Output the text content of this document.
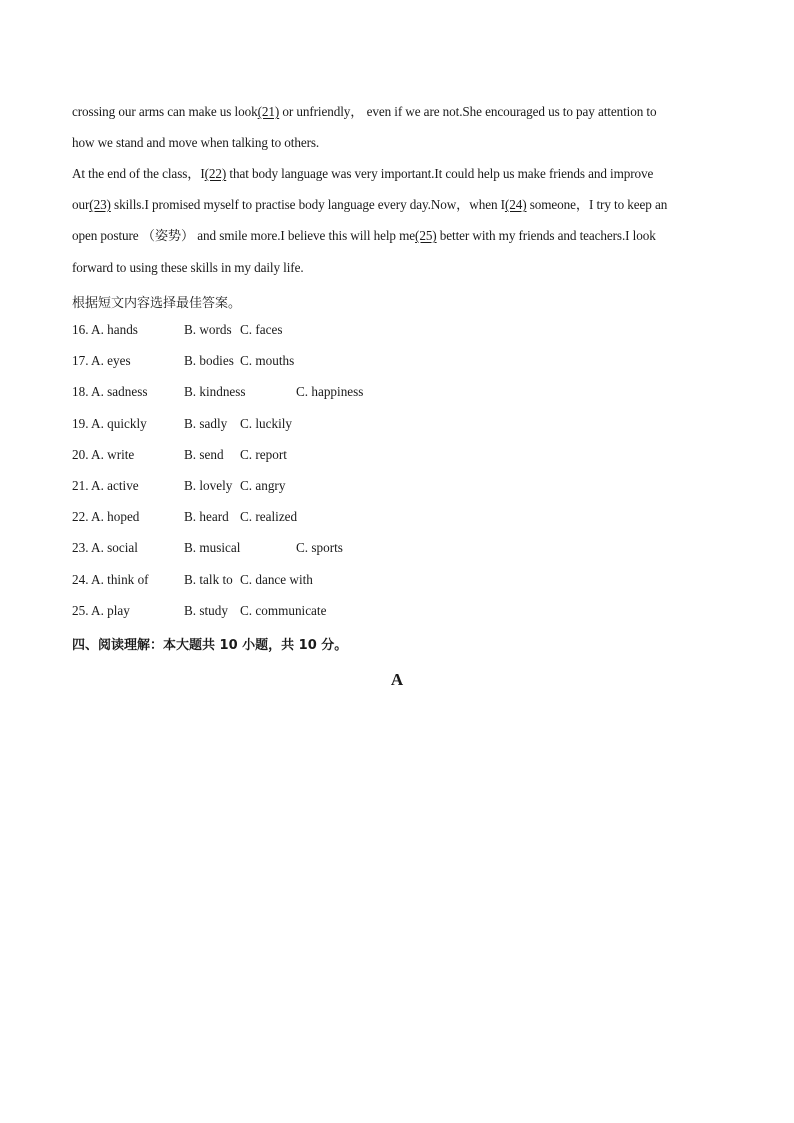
crossing our arms can make us look(21) or unfriendly， even if we are not.She encouraged us to pay attention to
how we stand and move when talking to others.
At the end of the class，I(22) that body language was very important.It could help us make friends and improve
our(23) skills.I promised myself to practise body language every day.Now，when I(24) someone，I try to keep an
open posture （姿势） and smile more.I believe this will help me(25) better with my friends and teachers.I look
forward to using these skills in my daily life.
根据短文内容选择最佳答案。
16. A. hands	B. words C. faces
17. A. eyes	B. bodies C. mouths
18. A. sadness	B. kindness	C. happiness
19. A. quickly	B. sadly C. luckily
20. A. write	B. send C. report
21. A. active	B. lovely C. angry
22. A. hoped	B. heard C. realized
23. A. social	B. musical	C. sports
24. A. think of	B. talk to C. dance with
25. A. play	B. study C. communicate
四、阅读理解：本大题共 10 小题，共 10 分。
A
